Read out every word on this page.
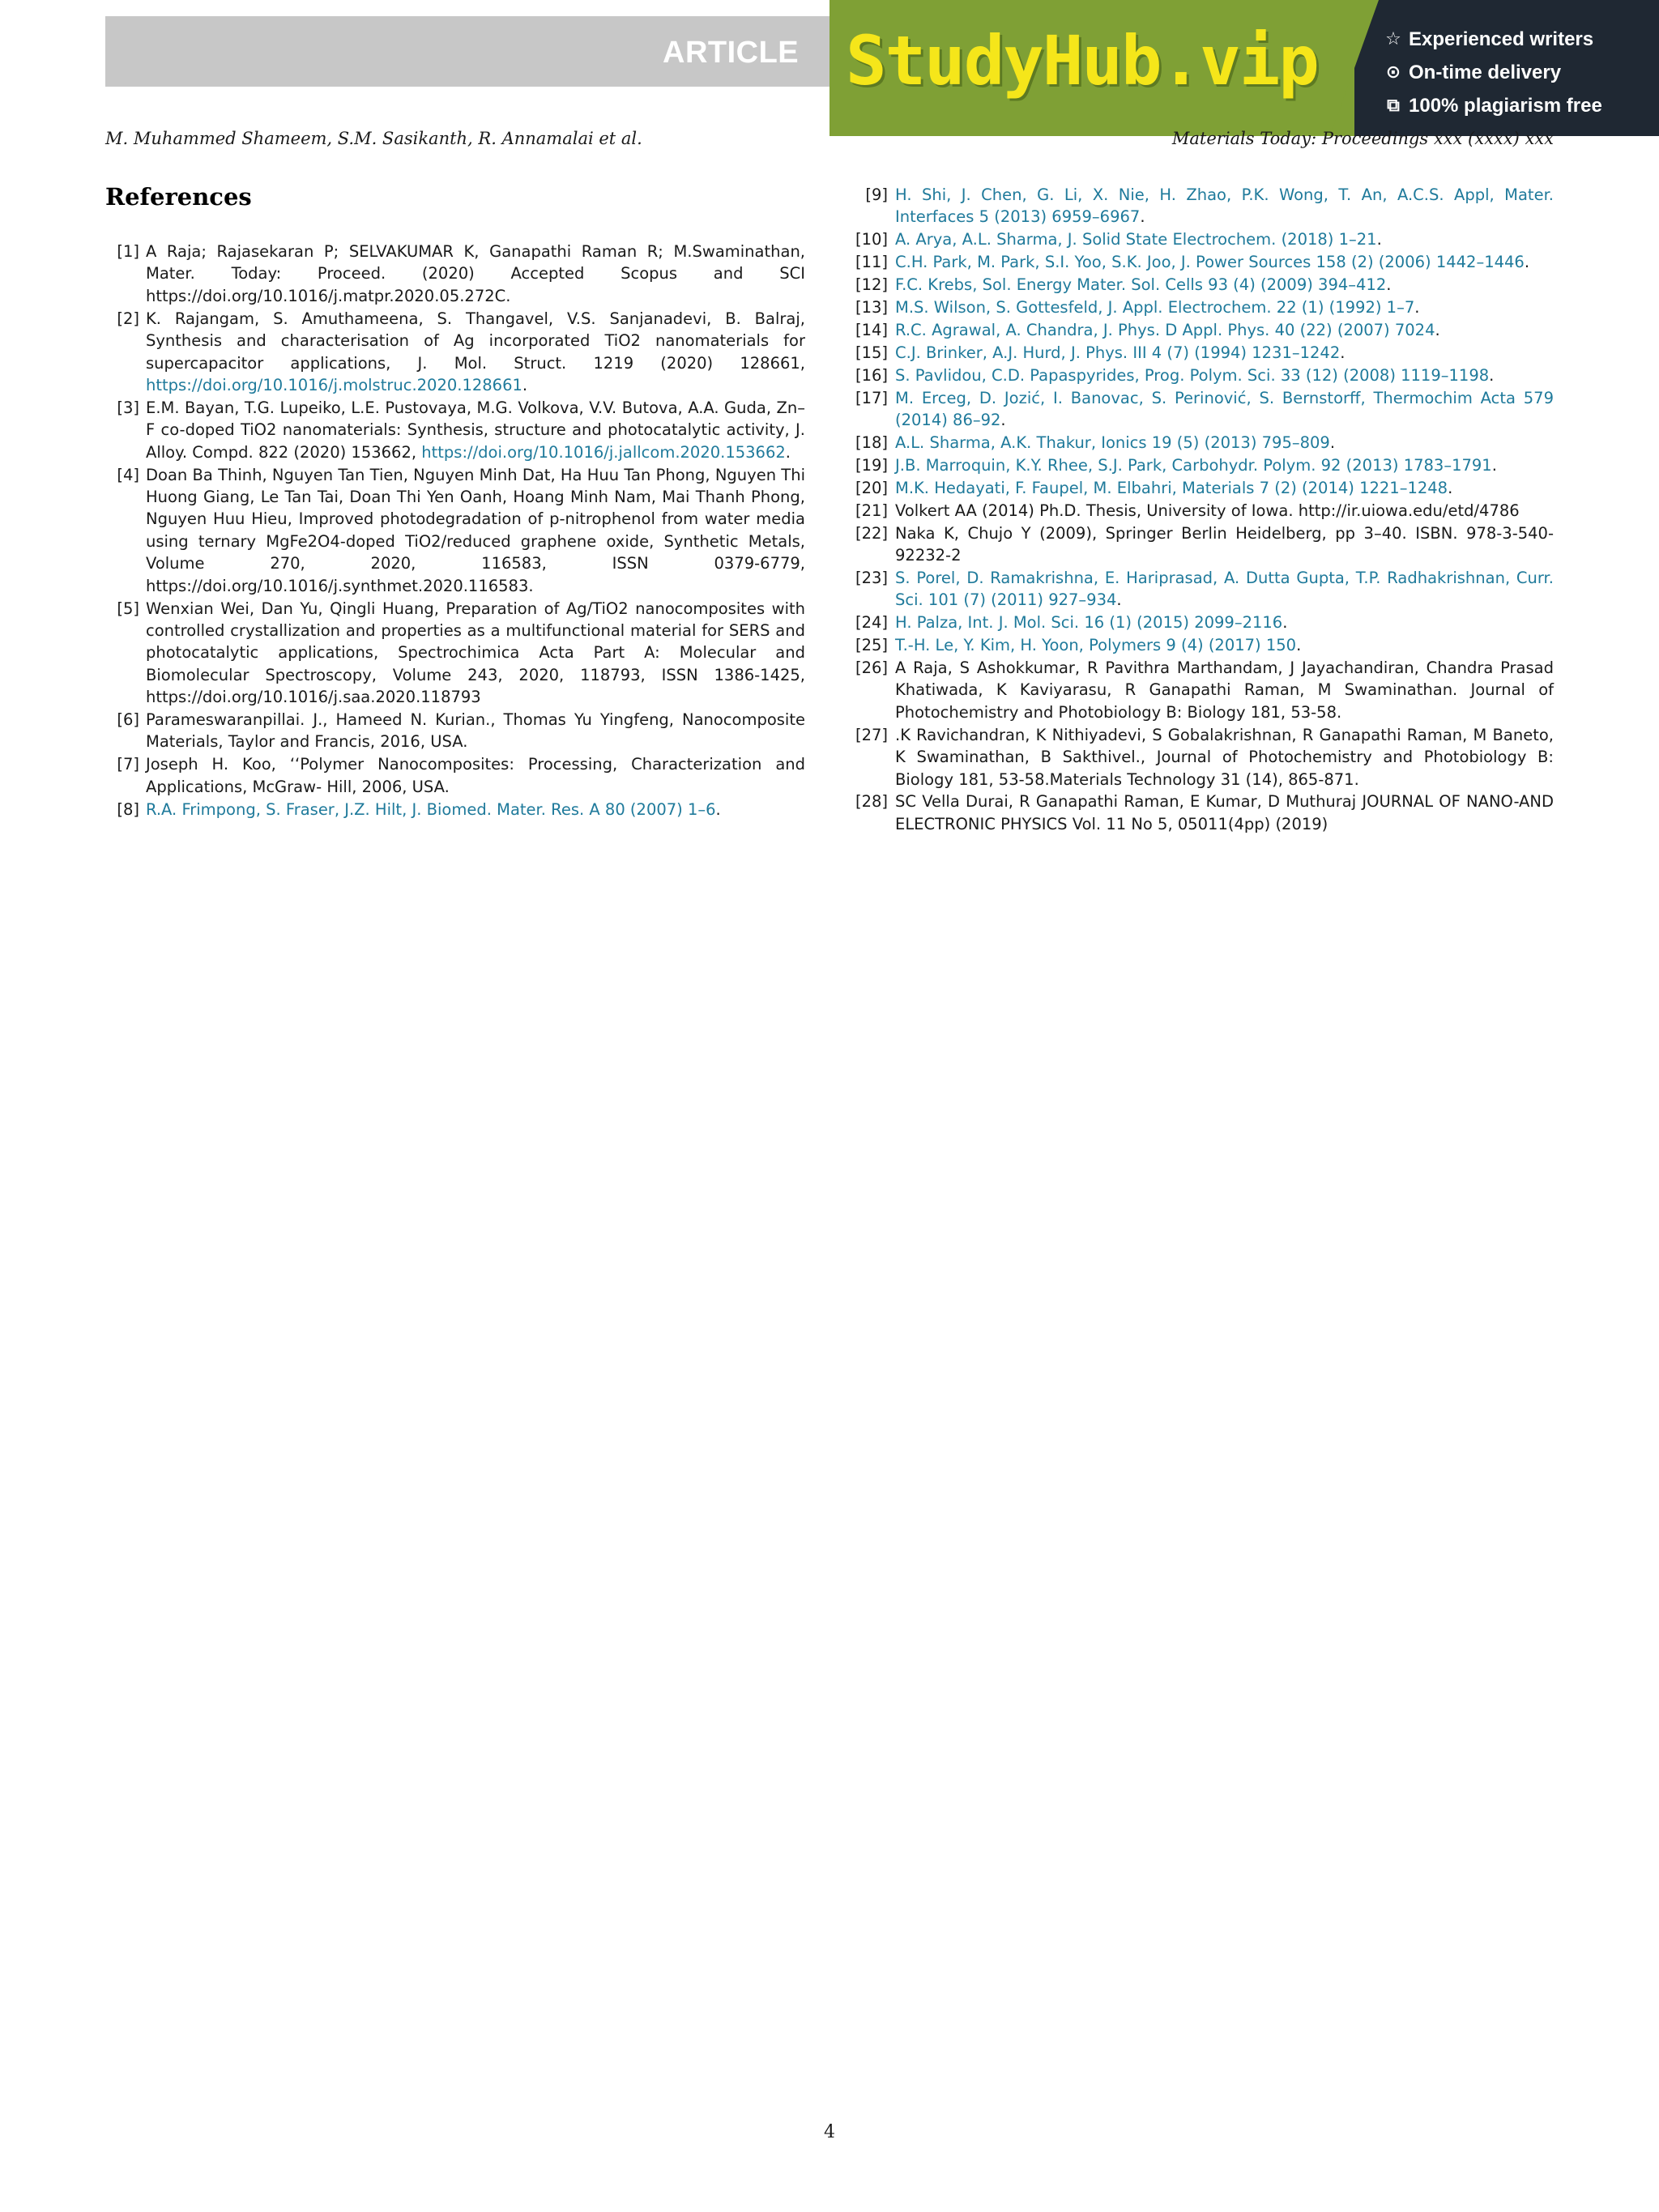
ARTICLE StudyHub.vip	☆ Experienced writers
⊙ On-time delivery
⧉ 100% plagiarism free
M. Muhammed Shameem, S.M. Sasikanth, R. Annamalai et al.	Materials Today: Proceedings xxx (xxxx) xxx
References
[1] A Raja; Rajasekaran P; SELVAKUMAR K, Ganapathi Raman R; M.Swaminathan, Mater. Today: Proceed. (2020) Accepted Scopus and SCI https://doi.org/10.1016/j.matpr.2020.05.272C.
[2] K. Rajangam, S. Amuthameena, S. Thangavel, V.S. Sanjanadevi, B. Balraj, Synthesis and characterisation of Ag incorporated TiO2 nanomaterials for supercapacitor applications, J. Mol. Struct. 1219 (2020) 128661, https://doi.org/10.1016/j.molstruc.2020.128661.
[3] E.M. Bayan, T.G. Lupeiko, L.E. Pustovaya, M.G. Volkova, V.V. Butova, A.A. Guda, Zn–F co-doped TiO2 nanomaterials: Synthesis, structure and photocatalytic activity, J. Alloy. Compd. 822 (2020) 153662, https://doi.org/10.1016/j.jallcom.2020.153662.
[4] Doan Ba Thinh, Nguyen Tan Tien, Nguyen Minh Dat, Ha Huu Tan Phong, Nguyen Thi Huong Giang, Le Tan Tai, Doan Thi Yen Oanh, Hoang Minh Nam, Mai Thanh Phong, Nguyen Huu Hieu, Improved photodegradation of p-nitrophenol from water media using ternary MgFe2O4-doped TiO2/reduced graphene oxide, Synthetic Metals, Volume 270, 2020, 116583, ISSN 0379-6779, https://doi.org/10.1016/j.synthmet.2020.116583.
[5] Wenxian Wei, Dan Yu, Qingli Huang, Preparation of Ag/TiO2 nanocomposites with controlled crystallization and properties as a multifunctional material for SERS and photocatalytic applications, Spectrochimica Acta Part A: Molecular and Biomolecular Spectroscopy, Volume 243, 2020, 118793, ISSN 1386-1425, https://doi.org/10.1016/j.saa.2020.118793
[6] Parameswaranpillai. J., Hameed N. Kurian., Thomas Yu Yingfeng, Nanocomposite Materials, Taylor and Francis, 2016, USA.
[7] Joseph H. Koo, ‘‘Polymer Nanocomposites: Processing, Characterization and Applications, McGraw- Hill, 2006, USA.
[8] R.A. Frimpong, S. Fraser, J.Z. Hilt, J. Biomed. Mater. Res. A 80 (2007) 1–6.
[9] H. Shi, J. Chen, G. Li, X. Nie, H. Zhao, P.K. Wong, T. An, A.C.S. Appl, Mater. Interfaces 5 (2013) 6959–6967.
[10] A. Arya, A.L. Sharma, J. Solid State Electrochem. (2018) 1–21.
[11] C.H. Park, M. Park, S.I. Yoo, S.K. Joo, J. Power Sources 158 (2) (2006) 1442–1446.
[12] F.C. Krebs, Sol. Energy Mater. Sol. Cells 93 (4) (2009) 394–412.
[13] M.S. Wilson, S. Gottesfeld, J. Appl. Electrochem. 22 (1) (1992) 1–7.
[14] R.C. Agrawal, A. Chandra, J. Phys. D Appl. Phys. 40 (22) (2007) 7024.
[15] C.J. Brinker, A.J. Hurd, J. Phys. III 4 (7) (1994) 1231–1242.
[16] S. Pavlidou, C.D. Papaspyrides, Prog. Polym. Sci. 33 (12) (2008) 1119–1198.
[17] M. Erceg, D. Jozić, I. Banovac, S. Perinović, S. Bernstorff, Thermochim Acta 579 (2014) 86–92.
[18] A.L. Sharma, A.K. Thakur, Ionics 19 (5) (2013) 795–809.
[19] J.B. Marroquin, K.Y. Rhee, S.J. Park, Carbohydr. Polym. 92 (2013) 1783–1791.
[20] M.K. Hedayati, F. Faupel, M. Elbahri, Materials 7 (2) (2014) 1221–1248.
[21] Volkert AA (2014) Ph.D. Thesis, University of Iowa. http://ir.uiowa.edu/etd/4786
[22] Naka K, Chujo Y (2009), Springer Berlin Heidelberg, pp 3–40. ISBN. 978-3-540-92232-2
[23] S. Porel, D. Ramakrishna, E. Hariprasad, A. Dutta Gupta, T.P. Radhakrishnan, Curr. Sci. 101 (7) (2011) 927–934.
[24] H. Palza, Int. J. Mol. Sci. 16 (1) (2015) 2099–2116.
[25] T.-H. Le, Y. Kim, H. Yoon, Polymers 9 (4) (2017) 150.
[26] A Raja, S Ashokkumar, R Pavithra Marthandam, J Jayachandiran, Chandra Prasad Khatiwada, K Kaviyarasu, R Ganapathi Raman, M Swaminathan. Journal of Photochemistry and Photobiology B: Biology 181, 53-58.
[27] .K Ravichandran, K Nithiyadevi, S Gobalakrishnan, R Ganapathi Raman, M Baneto, K Swaminathan, B Sakthivel., Journal of Photochemistry and Photobiology B: Biology 181, 53-58.Materials Technology 31 (14), 865-871.
[28] SC Vella Durai, R Ganapathi Raman, E Kumar, D Muthuraj JOURNAL OF NANO-AND ELECTRONIC PHYSICS Vol. 11 No 5, 05011(4pp) (2019)
4
